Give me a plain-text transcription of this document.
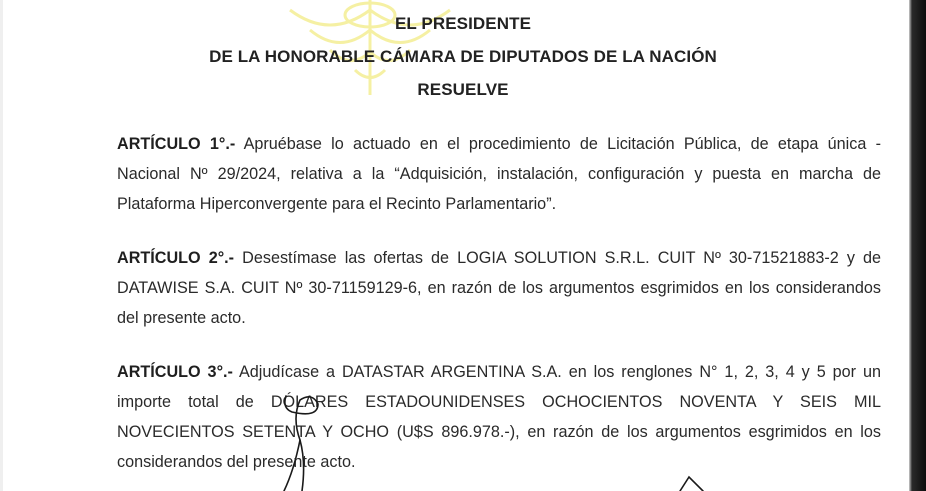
EL PRESIDENTE
DE LA HONORABLE CÁMARA DE DIPUTADOS DE LA NACIÓN
RESUELVE
ARTÍCULO 1°.- Apruébase lo actuado en el procedimiento de Licitación Pública, de etapa única - Nacional Nº 29/2024, relativa a la “Adquisición, instalación, configuración y puesta en marcha de Plataforma Hiperconvergente para el Recinto Parlamentario”.
ARTÍCULO 2°.- Desestímase las ofertas de LOGIA SOLUTION S.R.L. CUIT Nº 30-71521883-2 y de DATAWISE S.A. CUIT Nº 30-71159129-6, en razón de los argumentos esgrimidos en los considerandos del presente acto.
ARTÍCULO 3°.- Adjudícase a DATASTAR ARGENTINA S.A. en los renglones N° 1, 2, 3, 4 y 5 por un importe total de DÓLARES ESTADOUNIDENSES OCHOCIENTOS NOVENTA Y SEIS MIL NOVECIENTOS SETENTA Y OCHO (U$S 896.978.-), en razón de los argumentos esgrimidos en los considerandos del presente acto.
